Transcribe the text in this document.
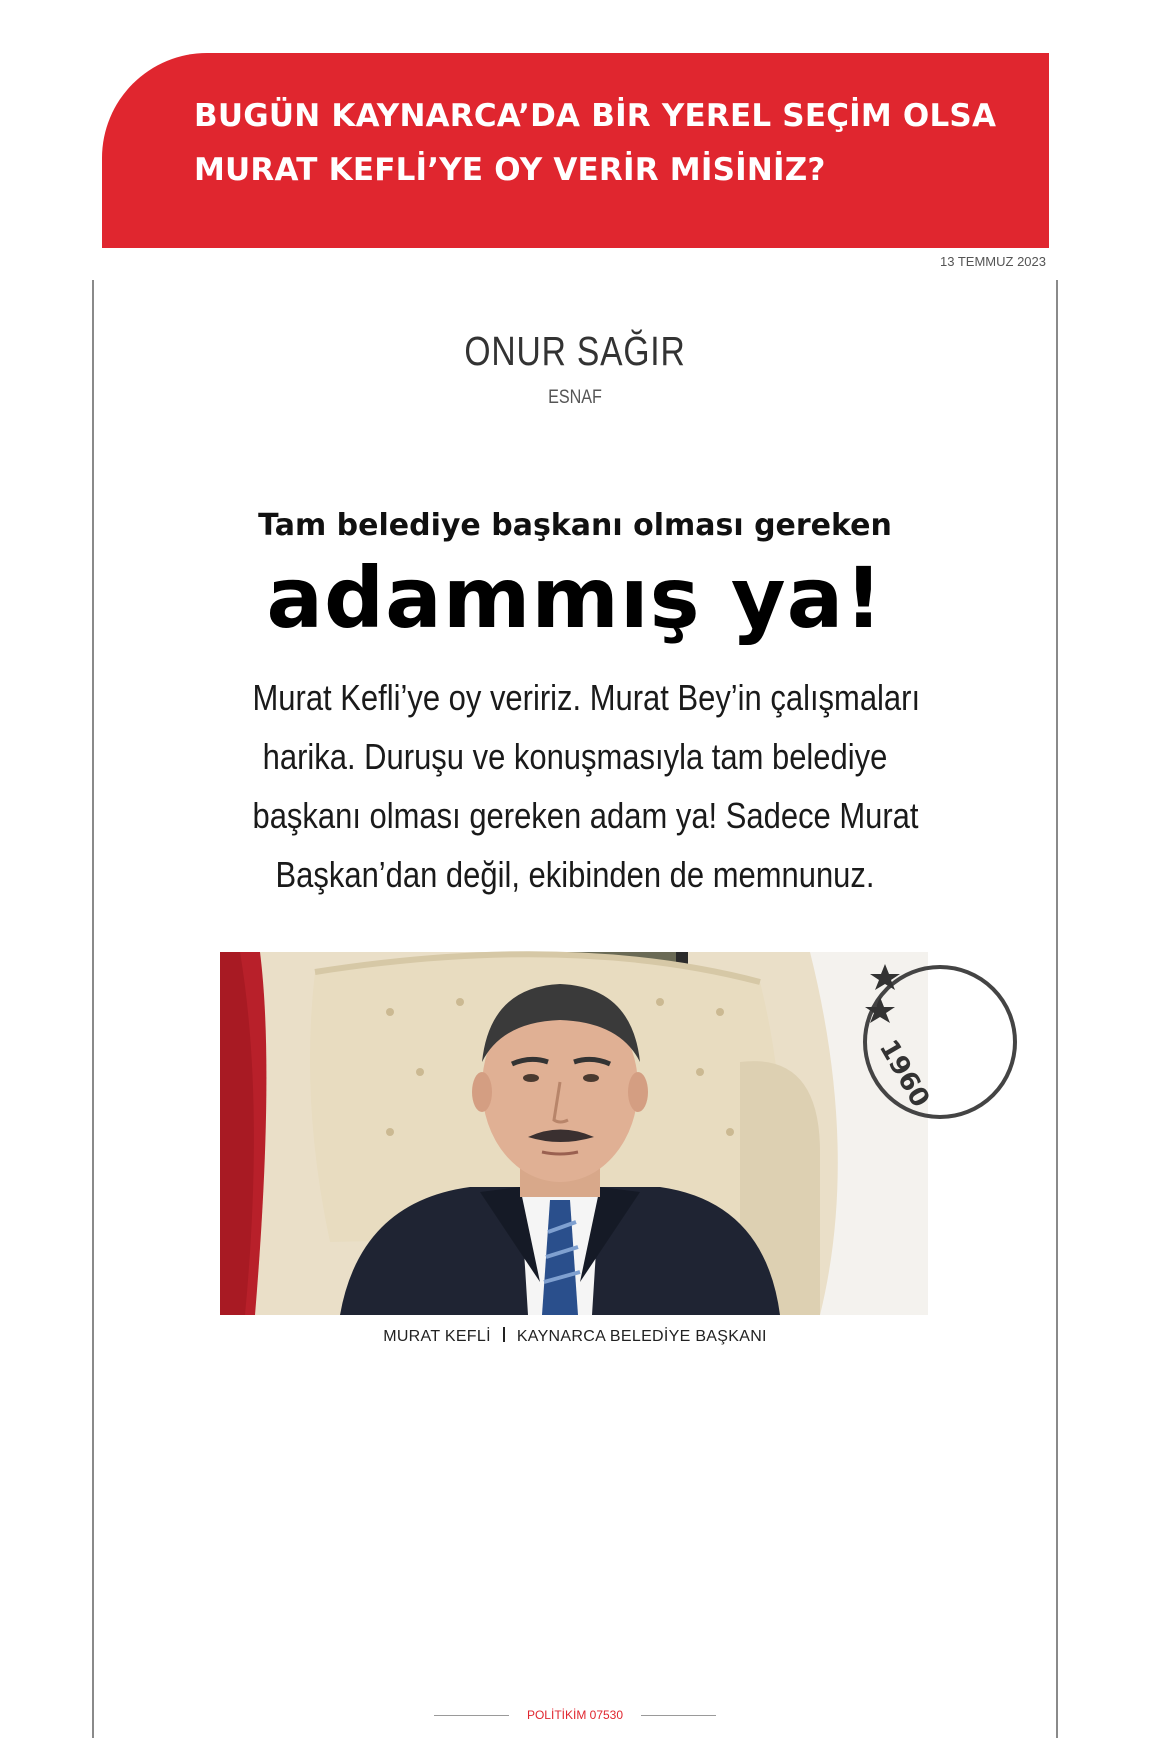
BUGÜN KAYNARCA’DA BİR YEREL SEÇİM OLSA
MURAT KEFLİ’YE OY VERİR MİSİNİZ?
13 TEMMUZ 2023
ONUR SAĞIR
ESNAF
Tam belediye başkanı olması gereken
adammış ya!
Murat Kefli’ye oy veririz. Murat Bey’in çalışmaları
harika. Duruşu ve konuşmasıyla tam belediye
başkanı olması gereken adam ya! Sadece Murat
Başkan’dan değil, ekibinden de memnunuz.
1960
MURAT KEFLİ KAYNARCA BELEDİYE BAŞKANI
POLİTİKİM 07530
